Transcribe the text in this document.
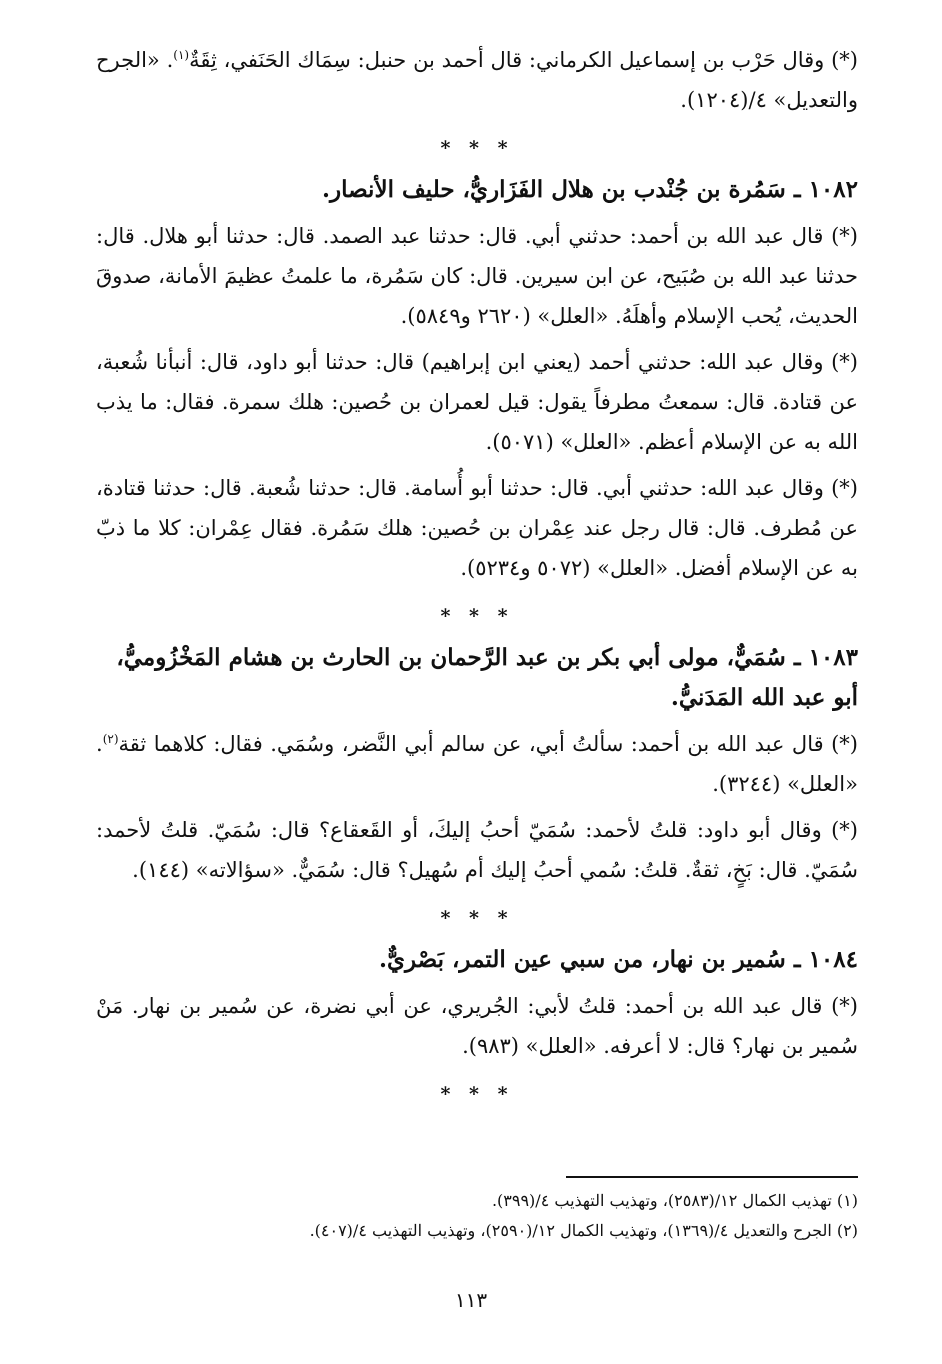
(*) وقال حَرْب بن إسماعيل الكرماني: قال أحمد بن حنبل: سِمَاك الحَنَفي، ثِقَةٌ$^{(١)}$. «الجرح والتعديل» ٤/(١٢٠٤).

* * *
١٠٨٢ ـ سَمُرة بن جُنْدب بن هلال الفَزَاريُّ، حليف الأنصار.

(*) قال عبد الله بن أحمد: حدثني أبي. قال: حدثنا عبد الصمد. قال: حدثنا أبو هلال. قال: حدثنا عبد الله بن صُبَيح، عن ابن سيرين. قال: كان سَمُرة، ما علمتُ عظيمَ الأمانة، صدوقَ الحديث، يُحب الإسلام وأهلَهُ. «العلل» (٢٦٢٠ و٥٨٤٩).

(*) وقال عبد الله: حدثني أحمد (يعني ابن إبراهيم) قال: حدثنا أبو داود، قال: أنبأنا شُعبة، عن قتادة. قال: سمعتُ مطرفاً يقول: قيل لعمران بن حُصين: هلك سمرة. فقال: ما يذب الله به عن الإسلام أعظم. «العلل» (٥٠٧١).

(*) وقال عبد الله: حدثني أبي. قال: حدثنا أبو أُسامة. قال: حدثنا شُعبة. قال: حدثنا قتادة، عن مُطرف. قال: قال رجل عند عِمْران بن حُصين: هلك سَمُرة. فقال عِمْران: كلا ما ذبّ به عن الإسلام أفضل. «العلل» (٥٠٧٢ و٥٢٣٤).

* * *
١٠٨٣ ـ سُمَيٌّ، مولى أبي بكر بن عبد الرَّحمان بن الحارث بن هشام المَخْزُوميُّ، أبو عبد الله المَدَنيُّ.

(*) قال عبد الله بن أحمد: سألتُ أبي، عن سالم أبي النَّضر، وسُمَي. فقال: كلاهما ثقة$^{(٢)}$. «العلل» (٣٢٤٤).

(*) وقال أبو داود: قلتُ لأحمد: سُمَيّ أحبُ إليكَ، أو القَعقاع؟ قال: سُمَيّ. قلتُ لأحمد: سُمَيّ. قال: بَخٍ، ثقةٌ. قلتُ: سُمي أحبُ إليك أم سُهيل؟ قال: سُمَيٌّ. «سؤالاته» (١٤٤).

* * *
١٠٨٤ ـ سُمير بن نهار، من سبي عين التمر، بَصْريٌّ.

(*) قال عبد الله بن أحمد: قلتُ لأبي: الجُريري، عن أبي نضرة، عن سُمير بن نهار. مَنْ سُمير بن نهار؟ قال: لا أعرفه. «العلل» (٩٨٣).

* * *
(١) تهذيب الكمال ١٢/(٢٥٨٣)، وتهذيب التهذيب ٤/(٣٩٩).
(٢) الجرح والتعديل ٤/(١٣٦٩)، وتهذيب الكمال ١٢/(٢٥٩٠)، وتهذيب التهذيب ٤/(٤٠٧).
١١٣
